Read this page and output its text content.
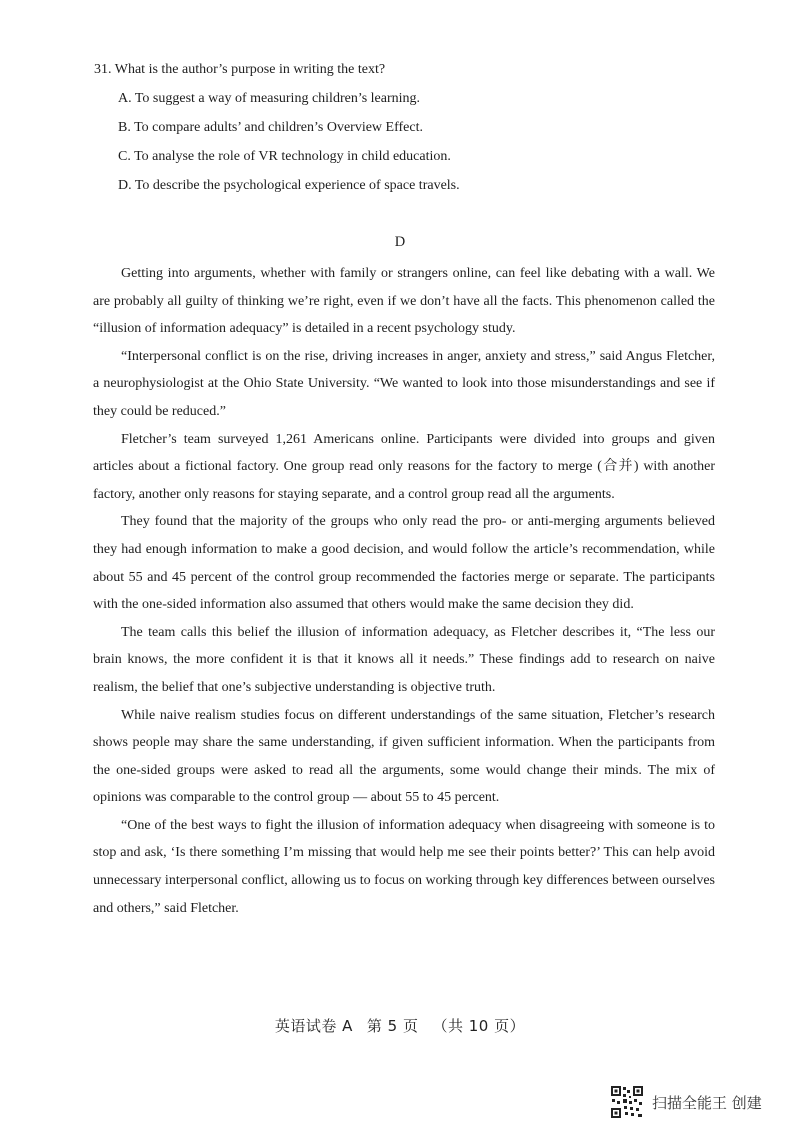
31. What is the author’s purpose in writing the text?
A. To suggest a way of measuring children’s learning.
B. To compare adults’ and children’s Overview Effect.
C. To analyse the role of VR technology in child education.
D. To describe the psychological experience of space travels.
D

Getting into arguments, whether with family or strangers online, can feel like debating with a wall. We are probably all guilty of thinking we’re right, even if we don’t have all the facts. This phenomenon called the “illusion of information adequacy” is detailed in a recent psychology study.

“Interpersonal conflict is on the rise, driving increases in anger, anxiety and stress,” said Angus Fletcher, a neurophysiologist at the Ohio State University. “We wanted to look into those misunderstandings and see if they could be reduced.”

Fletcher’s team surveyed 1,261 Americans online. Participants were divided into groups and given articles about a fictional factory. One group read only reasons for the factory to merge (合并) with another factory, another only reasons for staying separate, and a control group read all the arguments.

They found that the majority of the groups who only read the pro- or anti-merging arguments believed they had enough information to make a good decision, and would follow the article’s recommendation, while about 55 and 45 percent of the control group recommended the factories merge or separate. The participants with the one-sided information also assumed that others would make the same decision they did.

The team calls this belief the illusion of information adequacy, as Fletcher describes it, “The less our brain knows, the more confident it is that it knows all it needs.” These findings add to research on naive realism, the belief that one’s subjective understanding is objective truth.

While naive realism studies focus on different understandings of the same situation, Fletcher’s research shows people may share the same understanding, if given sufficient information. When the participants from the one-sided groups were asked to read all the arguments, some would change their minds. The mix of opinions was comparable to the control group — about 55 to 45 percent.

“One of the best ways to fight the illusion of information adequacy when disagreeing with someone is to stop and ask, ‘Is there something I’m missing that would help me see their points better?’ This can help avoid unnecessary interpersonal conflict, allowing us to focus on working through key differences between ourselves and others,” said Fletcher.

英语试卷 A 第 5 页 （共 10 页）
扫描全能王 创建
